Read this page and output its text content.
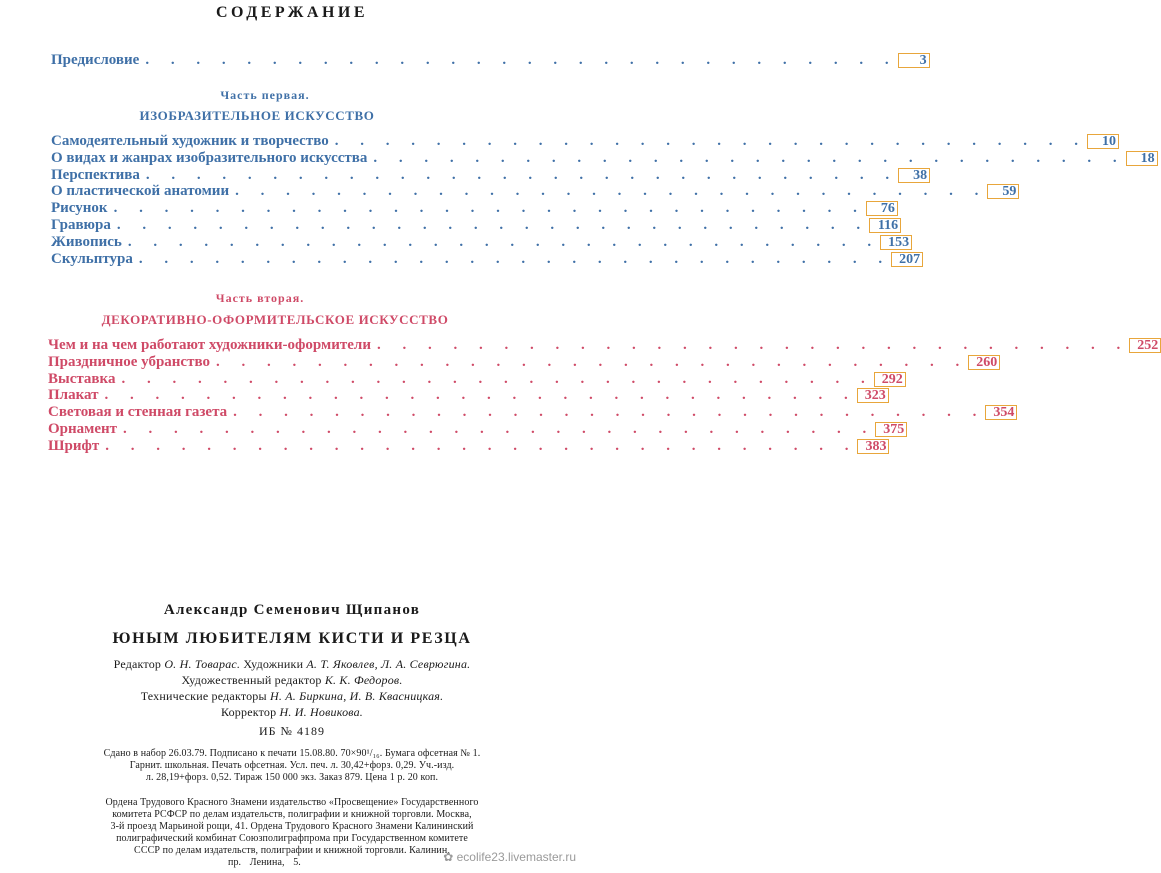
СОДЕРЖАНИЕ
Предисловие . . . . . . . . . . . . . . . . . . . . . . . . . . . . . .	3
Часть первая.
ИЗОБРАЗИТЕЛЬНОЕ ИСКУССТВО
Самодеятельный художник и творчество . . . . . . . . . . . . . . . . . . . . . . . . . . . . . .	10
О видах и жанрах изобразительного искусства . . . . . . . . . . . . . . . . . . . . . . . . . . . . . .	18
Перспектива . . . . . . . . . . . . . . . . . . . . . . . . . . . . . .	38
О пластической анатомии . . . . . . . . . . . . . . . . . . . . . . . . . . . . . .	59
Рисунок . . . . . . . . . . . . . . . . . . . . . . . . . . . . . .	76
Гравюра . . . . . . . . . . . . . . . . . . . . . . . . . . . . . . 116
Живопись . . . . . . . . . . . . . . . . . . . . . . . . . . . . . . 153
Скульптура . . . . . . . . . . . . . . . . . . . . . . . . . . . . . . 207
Часть вторая.
ДЕКОРАТИВНО-ОФОРМИТЕЛЬСКОЕ ИСКУССТВО
Чем и на чем работают художники-оформители . . . . . . . . . . . . . . . . . . . . . . . . . . . . . . 252
Праздничное убранство . . . . . . . . . . . . . . . . . . . . . . . . . . . . . . 260
Выставка . . . . . . . . . . . . . . . . . . . . . . . . . . . . . . 292
Плакат . . . . . . . . . . . . . . . . . . . . . . . . . . . . . . 323
Световая и стенная газета . . . . . . . . . . . . . . . . . . . . . . . . . . . . . . 354
Орнамент . . . . . . . . . . . . . . . . . . . . . . . . . . . . . . 375
Шрифт . . . . . . . . . . . . . . . . . . . . . . . . . . . . . . 383
Александр Семенович Щипанов
ЮНЫМ ЛЮБИТЕЛЯМ КИСТИ И РЕЗЦА
Редактор О. Н. Товарас. Художники А. Т. Яковлев, Л. А. Севрюгина.
Художественный редактор К. К. Федоров.
Технические редакторы Н. А. Биркина, И. В. Квасницкая.
Корректор Н. И. Новикова.
ИБ № 4189
Сдано в набор 26.03.79. Подписано к печати 15.08.80. 70×90¹/₁₆. Бумага офсетная № 1.
Гарнит. школьная. Печать офсетная. Усл. печ. л. 30,42+форз. 0,29. Уч.-изд.
л. 28,19+форз. 0,52. Тираж 150 000 экз. Заказ 879. Цена 1 р. 20 коп.
Ордена Трудового Красного Знамени издательство «Просвещение» Государственного
комитета РСФСР по делам издательств, полиграфии и книжной торговли. Москва,
3-й проезд Марьиной рощи, 41. Ордена Трудового Красного Знамени Калининский
полиграфический комбинат Союзполиграфпрома при Государственном комитете
СССР по делам издательств, полиграфии и книжной торговли. Калинин,
пр. Ленина, 5.	✿ ecolife23.livemaster.ru
